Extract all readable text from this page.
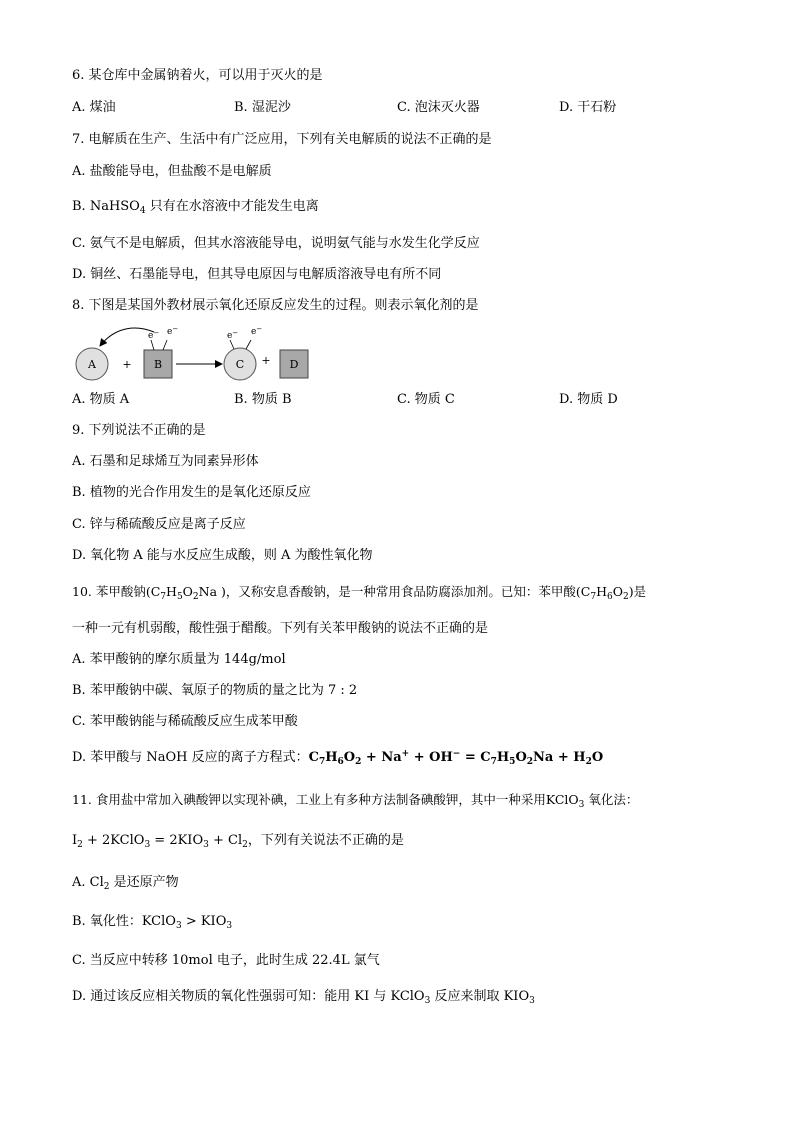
6. 某仓库中金属钠着火，可以用于灭火的是
A. 煤油	B. 湿泥沙	C. 泡沫灭火器	D. 干石粉
7. 电解质在生产、生活中有广泛应用，下列有关电解质的说法不正确的是
A. 盐酸能导电，但盐酸不是电解质
B. NaHSO$_4$ 只有在水溶液中才能发生电离
C. 氨气不是电解质，但其水溶液能导电，说明氨气能与水发生化学反应
D. 铜丝、石墨能导电，但其导电原因与电解质溶液导电有所不同
8. 下图是某国外教材展示氧化还原反应发生的过程。则表示氧化剂的是
A + B
e− e−
C
e− e−
+ D
A. 物质 A	B. 物质 B	C. 物质 C	D. 物质 D
9. 下列说法不正确的是
A. 石墨和足球烯互为同素异形体
B. 植物的光合作用发生的是氧化还原反应
C. 锌与稀硫酸反应是离子反应
D. 氧化物 A 能与水反应生成酸，则 A 为酸性氧化物
10. 苯甲酸钠($C_7H_5O_2Na$ )，又称安息香酸钠，是一种常用食品防腐添加剂。已知：苯甲酸$(C_7H_6O_2)$是
一种一元有机弱酸，酸性强于醋酸。下列有关苯甲酸钠的说法不正确的是
A. 苯甲酸钠的摩尔质量为 144g/mol
B. 苯甲酸钠中碳、氧原子的物质的量之比为 7 : 2
C. 苯甲酸钠能与稀硫酸反应生成苯甲酸
D. 苯甲酸与 NaOH 反应的离子方程式：$C_7H_6O_2 + Na^+ + OH^- = C_7H_5O_2Na + H_2O$
11. 食用盐中常加入碘酸钾以实现补碘，工业上有多种方法制备碘酸钾，其中一种采用KClO$_3$ 氧化法：
$I_2$ + 2KClO$_3$ = $2KIO_3 + Cl_2$，下列有关说法不正确的是
A. $Cl_2$ 是还原产物
B. 氧化性：KClO$_3$ > $KIO_3$
C. 当反应中转移 10mol 电子，此时生成 22.4L 氯气
D. 通过该反应相关物质的氧化性强弱可知：能用 KI 与 KClO$_3$ 反应来制取 $KIO_3$
